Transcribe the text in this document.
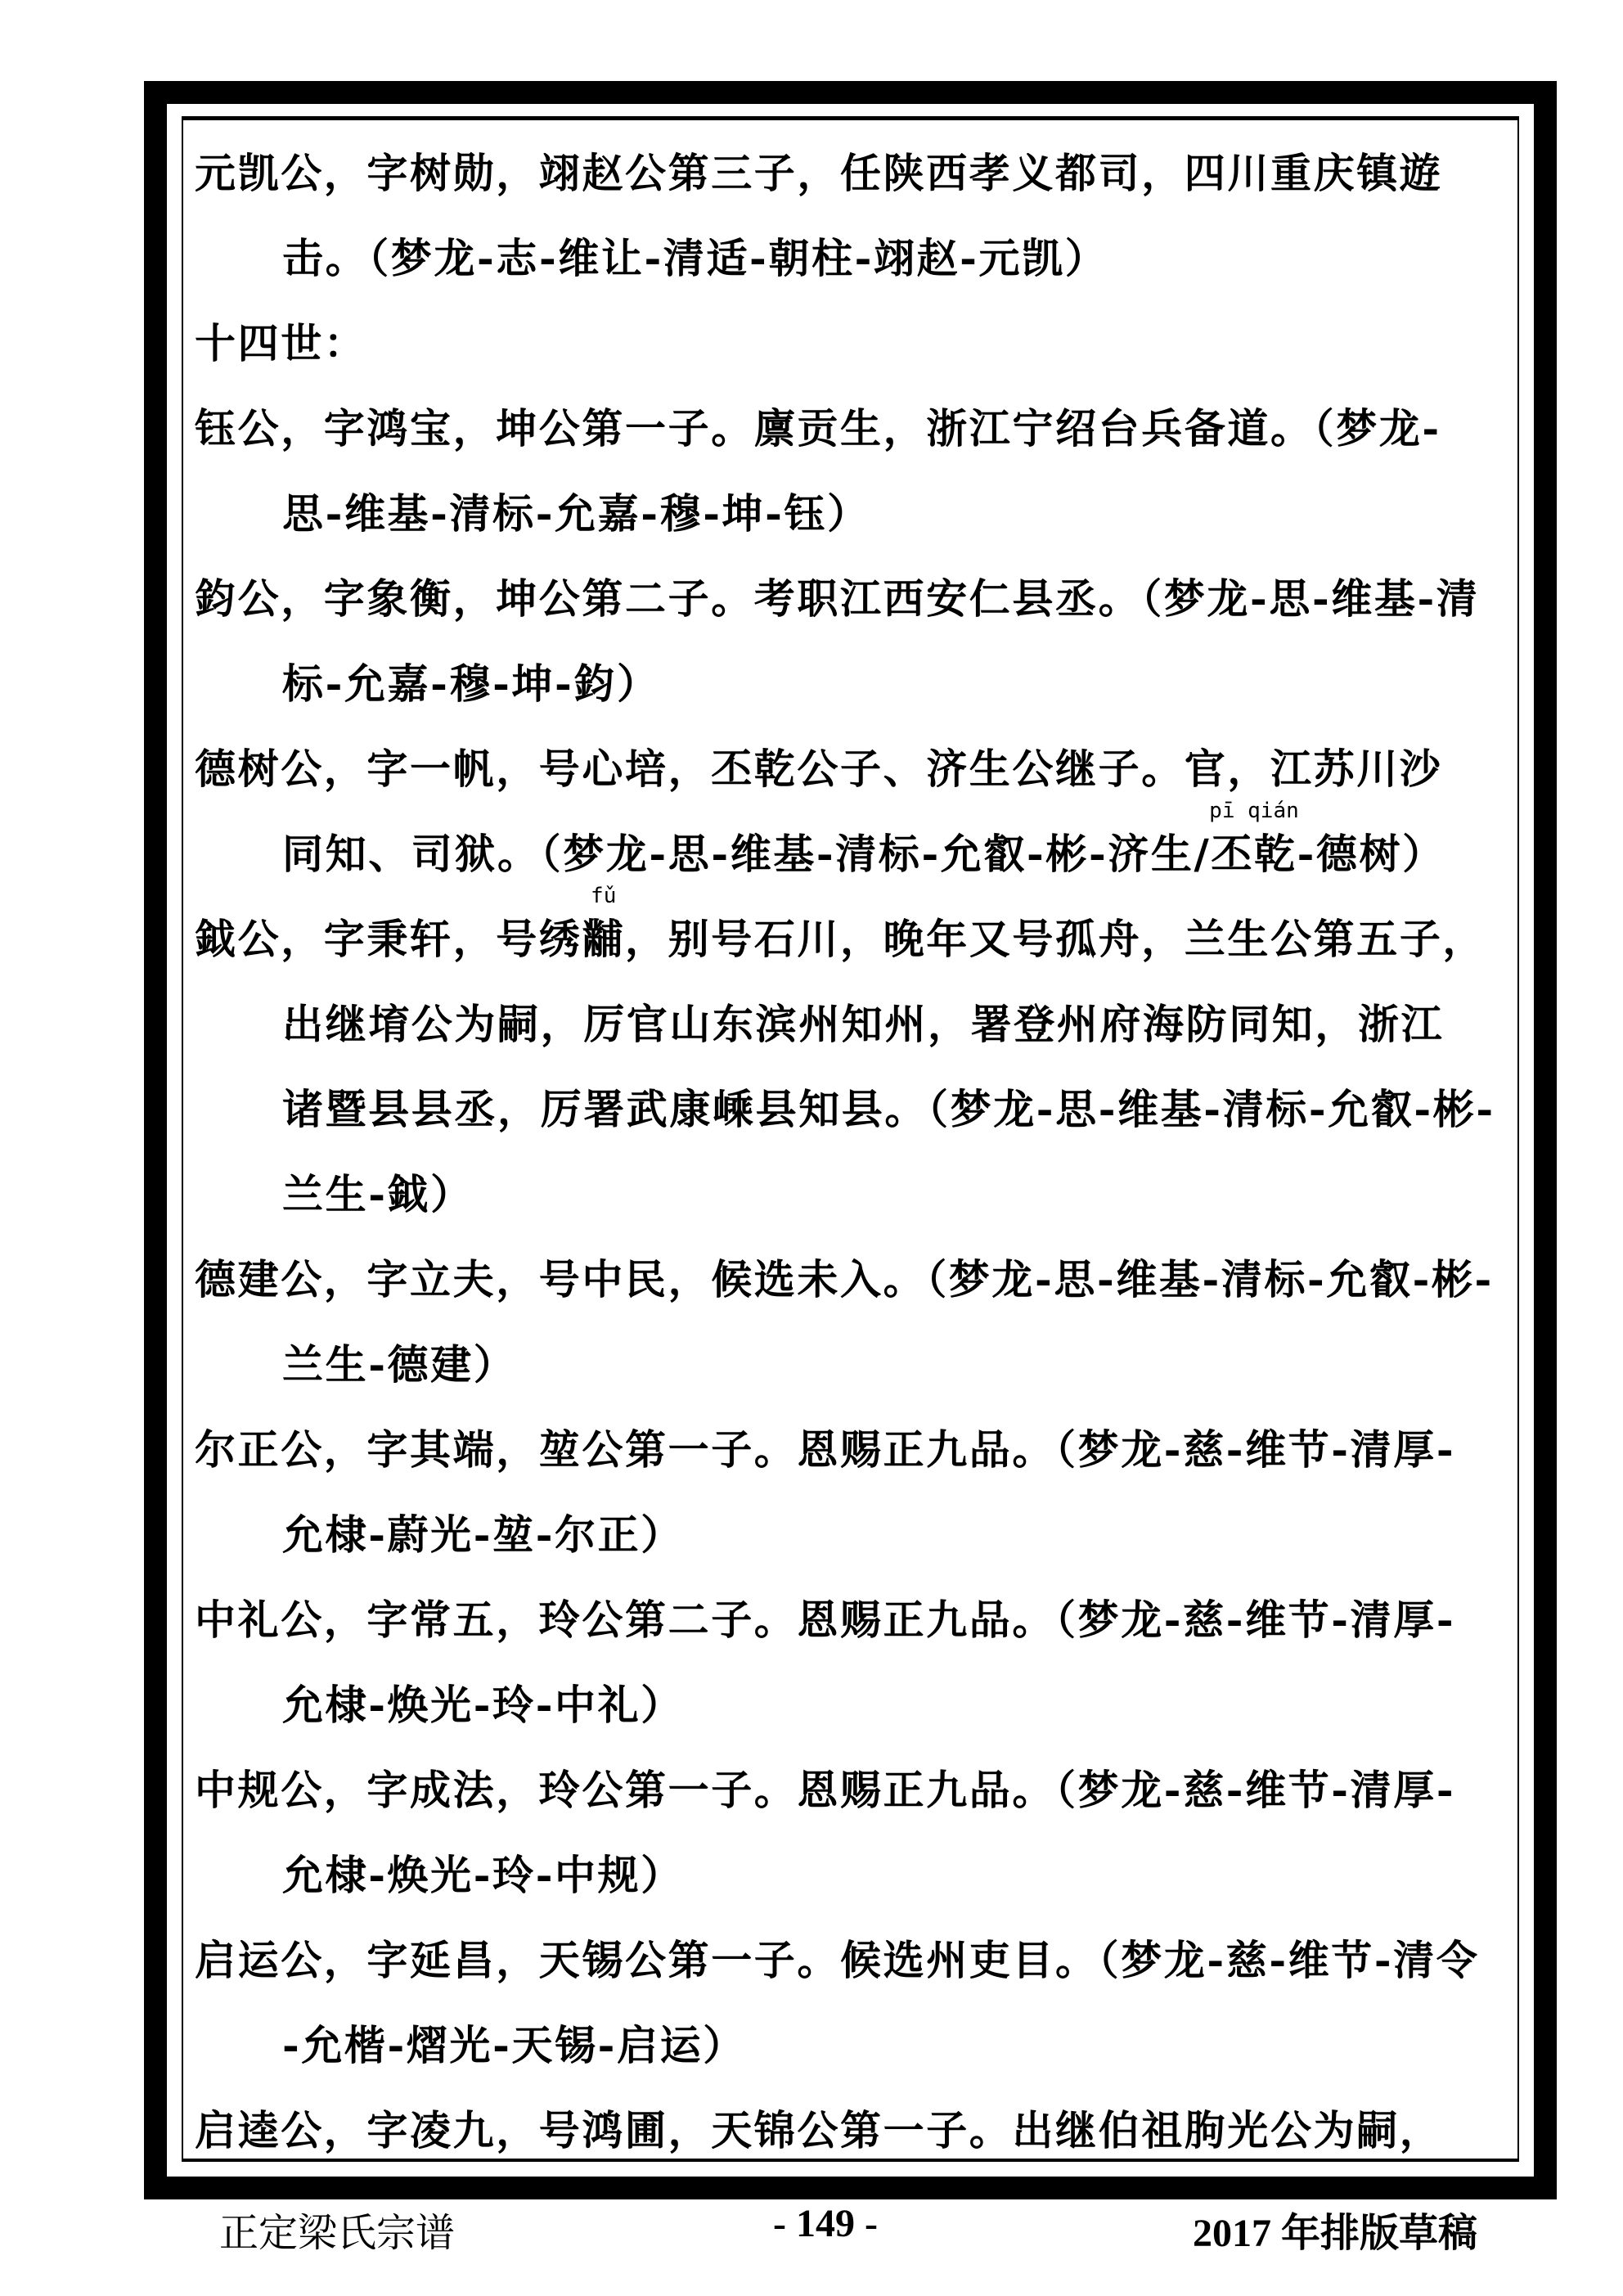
元凯公，字树勋，翊赵公第三子，任陕西孝义都司，四川重庆镇遊
击。（梦龙-志-维让-清适-朝柱-翊赵-元凯）
十四世：
钰公，字鸿宝，坤公第一子。廪贡生，浙江宁绍台兵备道。（梦龙-
思-维基-清标-允嘉-穆-坤-钰）
鈞公，字象衡，坤公第二子。考职江西安仁县丞。（梦龙-思-维基-清
标-允嘉-穆-坤-鈞）
德树公，字一帆，号心培，丕乾公子、济生公继子。官，江苏川沙
同知、司狱。（梦龙-思-维基-清标-允叡-彬-济生/
pī qián
丕乾-德树）
鉞公，字秉轩，号绣
fǔ
黼，别号石川，晚年又号孤舟，兰生公第五子，
出继堉公为嗣，厉官山东滨州知州，署登州府海防同知，浙江
诸暨县县丞，厉署武康嵊县知县。（梦龙-思-维基-清标-允叡-彬-
兰生-鉞）
德建公，字立夫，号中民，候选未入。（梦龙-思-维基-清标-允叡-彬-
兰生-德建）
尔正公，字其端，堃公第一子。恩赐正九品。（梦龙-慈-维节-清厚-
允棣-蔚光-堃-尔正）
中礼公，字常五，玲公第二子。恩赐正九品。（梦龙-慈-维节-清厚-
允棣-焕光-玲-中礼）
中规公，字成法，玲公第一子。恩赐正九品。（梦龙-慈-维节-清厚-
允棣-焕光-玲-中规）
启运公，字延昌，天锡公第一子。候选州吏目。（梦龙-慈-维节-清令
-允楷-熠光-天锡-启运）
启逵公，字凌九，号鸿圃，天锦公第一子。出继伯祖朐光公为嗣，
正定梁氏宗谱	- 149 -	2017 年排版草稿
